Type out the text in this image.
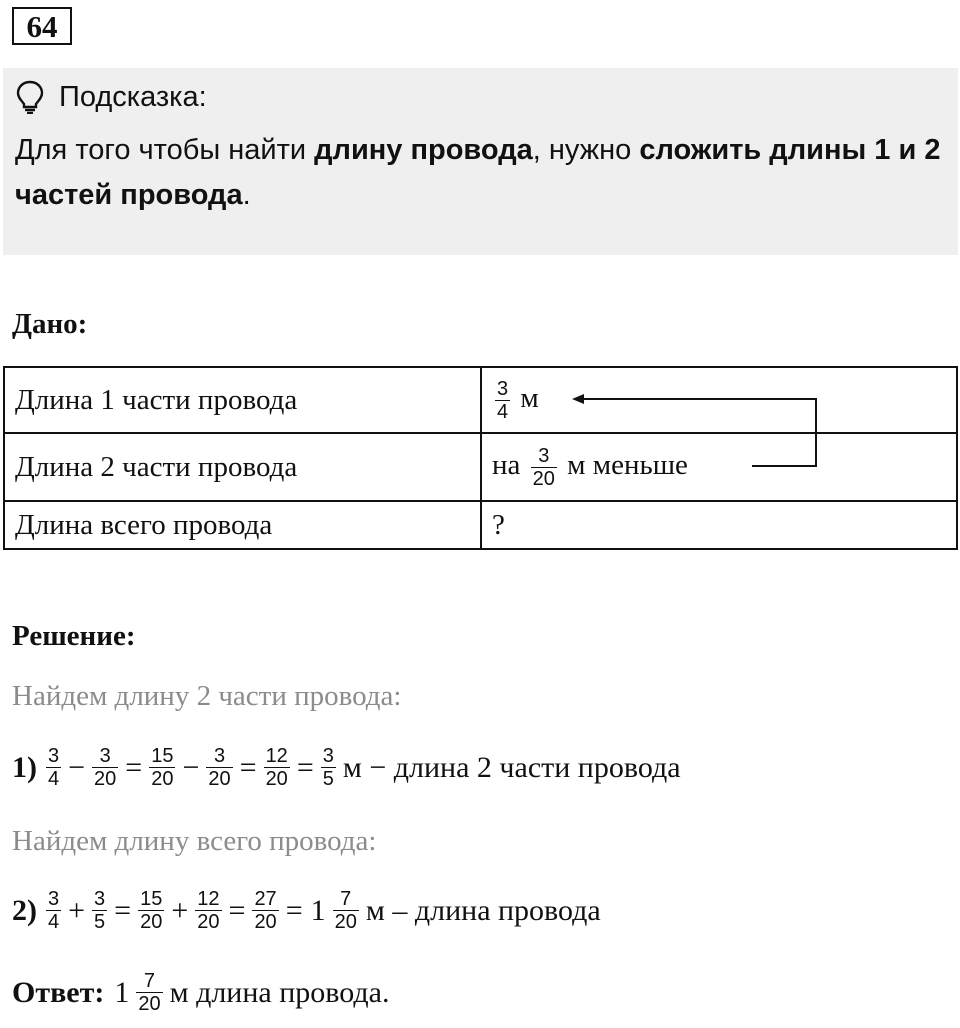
64
Подсказка:
Для того чтобы найти длину провода, нужно сложить длины 1 и 2 частей провода.
Дано:
Длина 1 части провода	$\frac{3}{4}$ м
Длина 2 части провода	на $\frac{3}{20}$ м меньше
Длина всего провода	?
Решение:
Найдем длину 2 части провода:
$1) \frac{3}{4} - \frac{3}{20} = \frac{15}{20} - \frac{3}{20} = \frac{12}{20} = \frac{3}{5}$ м − длина 2 части провода
Найдем длину всего провода:
$2) \frac{3}{4} + \frac{3}{5} = \frac{15}{20} + \frac{12}{20} = \frac{27}{20} = 1 \frac{7}{20}$ м – длина провода
Ответ: $1 \frac{7}{20}$ м длина провода.
